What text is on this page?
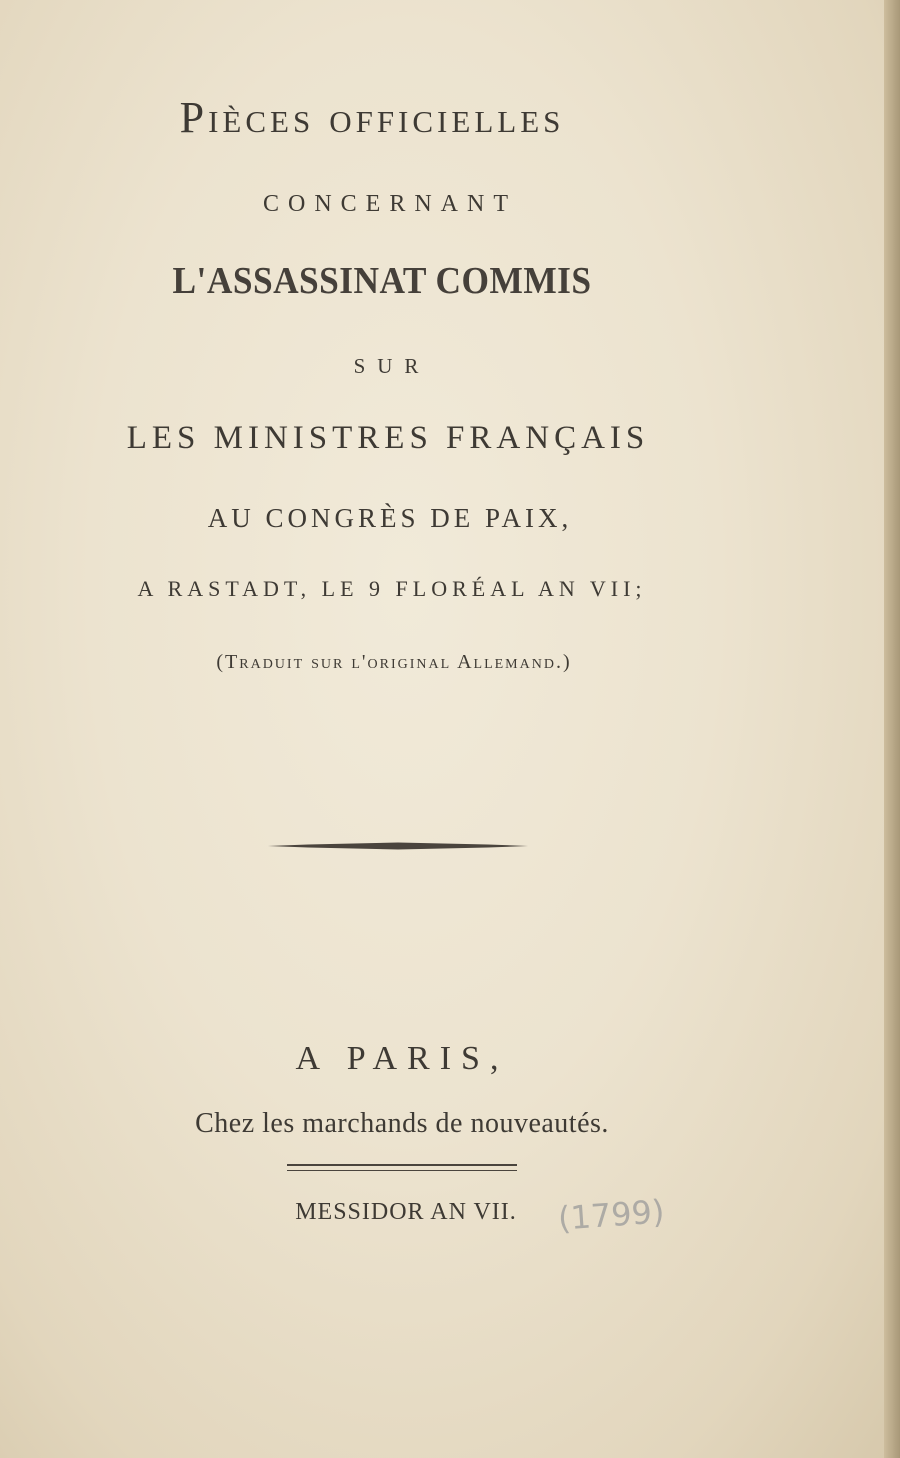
Pièces officielles
CONCERNANT
L'ASSASSINAT COMMIS
SUR
LES MINISTRES FRANÇAIS
AU CONGRÈS DE PAIX,
A RASTADT, LE 9 FLORÉAL AN VII;
(Traduit sur l'original Allemand.)
A PARIS,
Chez les marchands de nouveautés.
MESSIDOR AN VII.	(1799)
